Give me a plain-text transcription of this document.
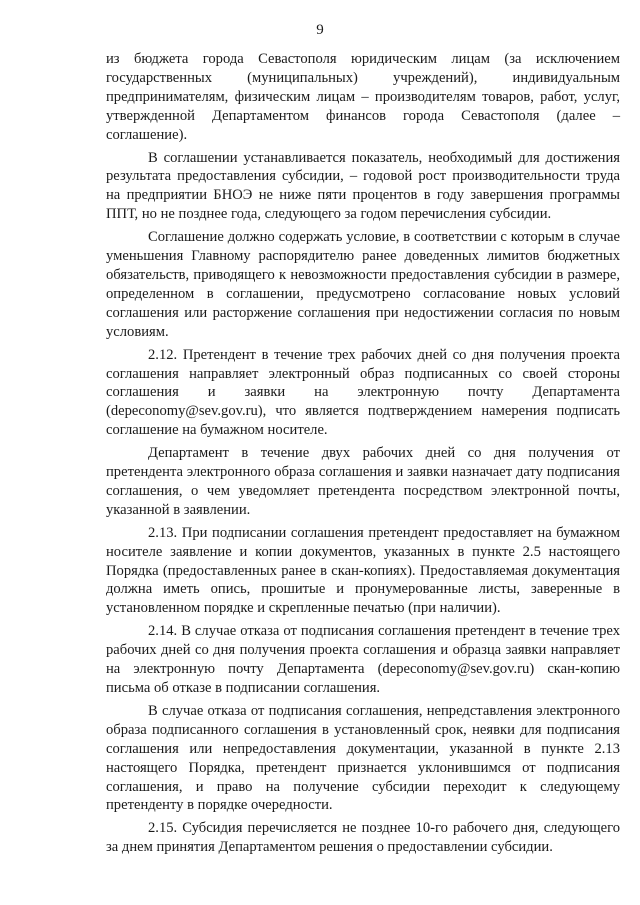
9

из бюджета города Севастополя юридическим лицам (за исключением государственных (муниципальных) учреждений), индивидуальным предпринимателям, физическим лицам – производителям товаров, работ, услуг, утвержденной Департаментом финансов города Севастополя (далее – соглашение).

В соглашении устанавливается показатель, необходимый для достижения результата предоставления субсидии, – годовой рост производительности труда на предприятии БНОЭ не ниже пяти процентов в году завершения программы ППТ, но не позднее года, следующего за годом перечисления субсидии.

Соглашение должно содержать условие, в соответствии с которым в случае уменьшения Главному распорядителю ранее доведенных лимитов бюджетных обязательств, приводящего к невозможности предоставления субсидии в размере, определенном в соглашении, предусмотрено согласование новых условий соглашения или расторжение соглашения при недостижении согласия по новым условиям.

2.12. Претендент в течение трех рабочих дней со дня получения проекта соглашения направляет электронный образ подписанных со своей стороны соглашения и заявки на электронную почту Департамента (depeconomy@sev.gov.ru), что является подтверждением намерения подписать соглашение на бумажном носителе.

Департамент в течение двух рабочих дней со дня получения от претендента электронного образа соглашения и заявки назначает дату подписания соглашения, о чем уведомляет претендента посредством электронной почты, указанной в заявлении.

2.13. При подписании соглашения претендент предоставляет на бумажном носителе заявление и копии документов, указанных в пункте 2.5 настоящего Порядка (предоставленных ранее в скан-копиях). Предоставляемая документация должна иметь опись, прошитые и пронумерованные листы, заверенные в установленном порядке и скрепленные печатью (при наличии).

2.14. В случае отказа от подписания соглашения претендент в течение трех рабочих дней со дня получения проекта соглашения и образца заявки направляет на электронную почту Департамента (depeconomy@sev.gov.ru) скан-копию письма об отказе в подписании соглашения.

В случае отказа от подписания соглашения, непредставления электронного образа подписанного соглашения в установленный срок, неявки для подписания соглашения или непредоставления документации, указанной в пункте 2.13 настоящего Порядка, претендент признается уклонившимся от подписания соглашения, и право на получение субсидии переходит к следующему претенденту в порядке очередности.

2.15. Субсидия перечисляется не позднее 10-го рабочего дня, следующего за днем принятия Департаментом решения о предоставлении субсидии.
